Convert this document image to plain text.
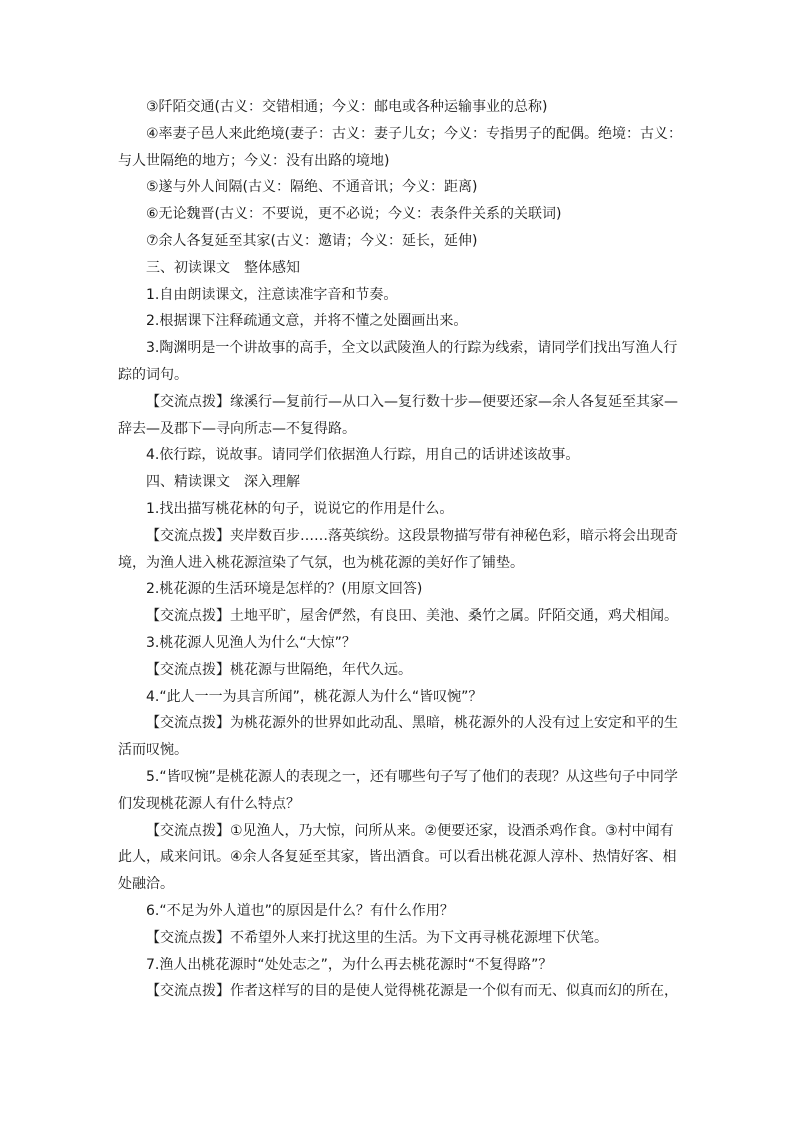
③阡陌交通(古义：交错相通；今义：邮电或各种运输事业的总称)

④率妻子邑人来此绝境(妻子：古义：妻子儿女；今义：专指男子的配偶。绝境：古义：与人世隔绝的地方；今义：没有出路的境地)

⑤遂与外人间隔(古义：隔绝、不通音讯；今义：距离)

⑥无论魏晋(古义：不要说，更不必说；今义：表条件关系的关联词)

⑦余人各复延至其家(古义：邀请；今义：延长，延伸)

三、初读课文　整体感知

1.自由朗读课文，注意读准字音和节奏。

2.根据课下注释疏通文意，并将不懂之处圈画出来。

3.陶渊明是一个讲故事的高手，全文以武陵渔人的行踪为线索，请同学们找出写渔人行踪的词句。

【交流点拨】缘溪行—复前行—从口入—复行数十步—便要还家—余人各复延至其家—辞去—及郡下—寻向所志—不复得路。

4.依行踪，说故事。请同学们依据渔人行踪，用自己的话讲述该故事。

四、精读课文　深入理解

1.找出描写桃花林的句子，说说它的作用是什么。

【交流点拨】夹岸数百步……落英缤纷。这段景物描写带有神秘色彩，暗示将会出现奇境，为渔人进入桃花源渲染了气氛，也为桃花源的美好作了铺垫。

2.桃花源的生活环境是怎样的？(用原文回答)

【交流点拨】土地平旷，屋舍俨然，有良田、美池、桑竹之属。阡陌交通，鸡犬相闻。

3.桃花源人见渔人为什么“大惊”？

【交流点拨】桃花源与世隔绝，年代久远。

4.“此人一一为具言所闻”，桃花源人为什么“皆叹惋”？

【交流点拨】为桃花源外的世界如此动乱、黑暗，桃花源外的人没有过上安定和平的生活而叹惋。

5.“皆叹惋”是桃花源人的表现之一，还有哪些句子写了他们的表现？从这些句子中同学们发现桃花源人有什么特点？

【交流点拨】①见渔人，乃大惊，问所从来。②便要还家，设酒杀鸡作食。③村中闻有此人，咸来问讯。④余人各复延至其家，皆出酒食。可以看出桃花源人淳朴、热情好客、相处融洽。

6.“不足为外人道也”的原因是什么？有什么作用？

【交流点拨】不希望外人来打扰这里的生活。为下文再寻桃花源埋下伏笔。

7.渔人出桃花源时“处处志之”，为什么再去桃花源时“不复得路”？

【交流点拨】作者这样写的目的是使人觉得桃花源是一个似有而无、似真而幻的所在，
